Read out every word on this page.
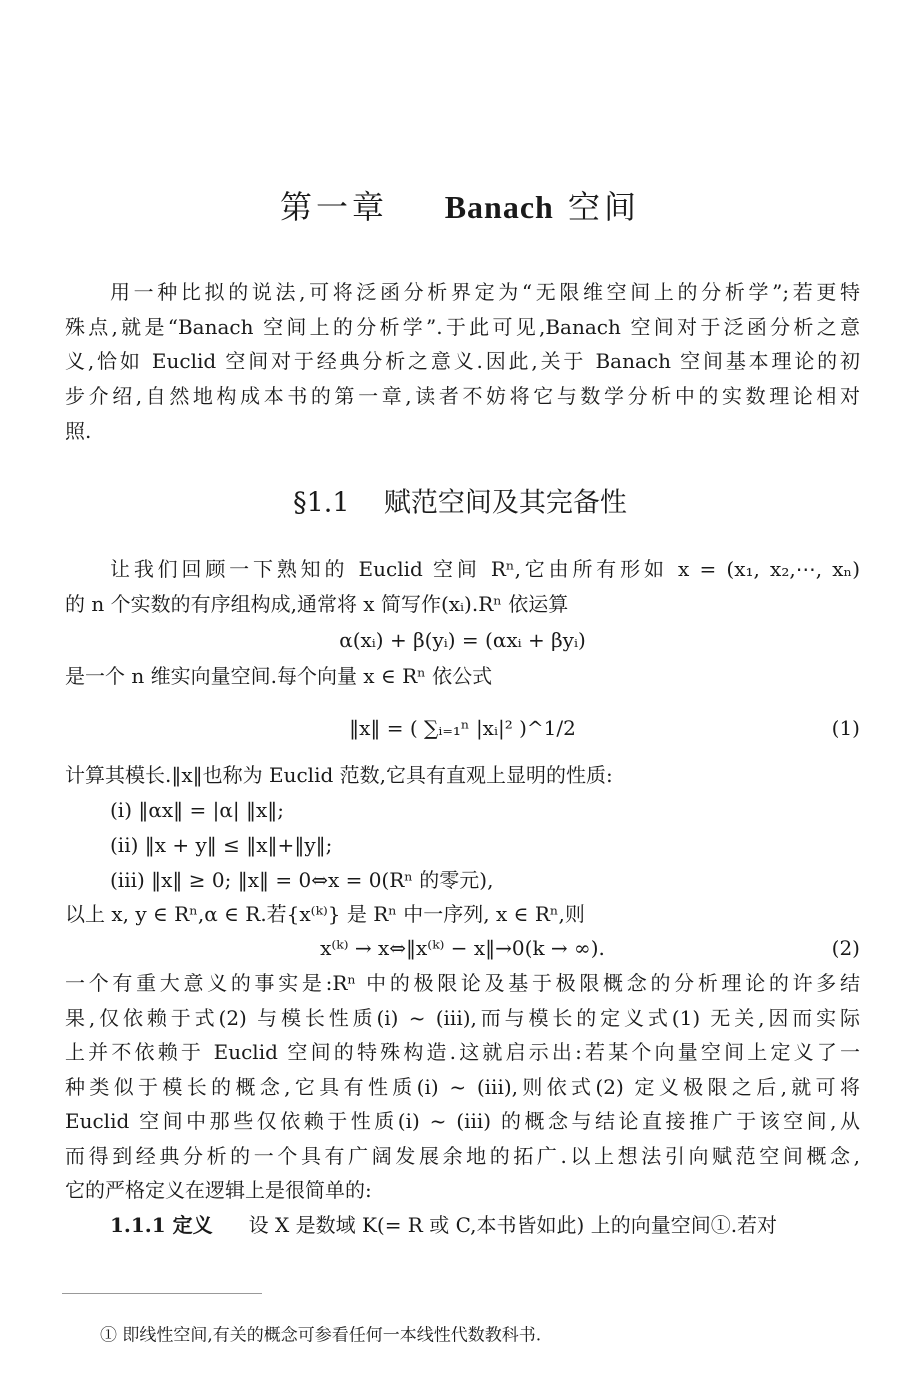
第一章 Banach 空间
用一种比拟的说法,可将泛函分析界定为“无限维空间上的分析学”;若更特
殊点,就是“Banach 空间上的分析学”.于此可见,Banach 空间对于泛函分析之意
义,恰如 Euclid 空间对于经典分析之意义.因此,关于 Banach 空间基本理论的初
步介绍,自然地构成本书的第一章,读者不妨将它与数学分析中的实数理论相对
照.
§1.1 赋范空间及其完备性
让我们回顾一下熟知的 Euclid 空间 Rⁿ,它由所有形如 x = (x₁, x₂,⋯, xₙ)
的 n 个实数的有序组构成,通常将 x 简写作(xᵢ).Rⁿ 依运算
α(xᵢ) + β(yᵢ) = (αxᵢ + βyᵢ)
是一个 n 维实向量空间.每个向量 x ∈ Rⁿ 依公式
‖x‖ = ( ∑ᵢ₌₁ⁿ |xᵢ|² )^1/2	(1)
计算其模长.‖x‖也称为 Euclid 范数,它具有直观上显明的性质:
(i) ‖αx‖ = |α| ‖x‖;
(ii) ‖x + y‖ ≤ ‖x‖+‖y‖;
(iii) ‖x‖ ≥ 0; ‖x‖ = 0⇔x = 0(Rⁿ 的零元),
以上 x, y ∈ Rⁿ,α ∈ R.若{x⁽ᵏ⁾} 是 Rⁿ 中一序列, x ∈ Rⁿ,则
x⁽ᵏ⁾ → x⇔‖x⁽ᵏ⁾ − x‖→0(k → ∞).	(2)
一个有重大意义的事实是:Rⁿ 中的极限论及基于极限概念的分析理论的许多结
果,仅依赖于式(2) 与模长性质(i) ~ (iii),而与模长的定义式(1) 无关,因而实际
上并不依赖于 Euclid 空间的特殊构造.这就启示出:若某个向量空间上定义了一
种类似于模长的概念,它具有性质(i) ~ (iii),则依式(2) 定义极限之后,就可将
Euclid 空间中那些仅依赖于性质(i) ~ (iii) 的概念与结论直接推广于该空间,从
而得到经典分析的一个具有广阔发展余地的拓广.以上想法引向赋范空间概念,
它的严格定义在逻辑上是很简单的:
1.1.1 定义 设 X 是数域 K(= R 或 C,本书皆如此) 上的向量空间①.若对
① 即线性空间,有关的概念可参看任何一本线性代数教科书.
